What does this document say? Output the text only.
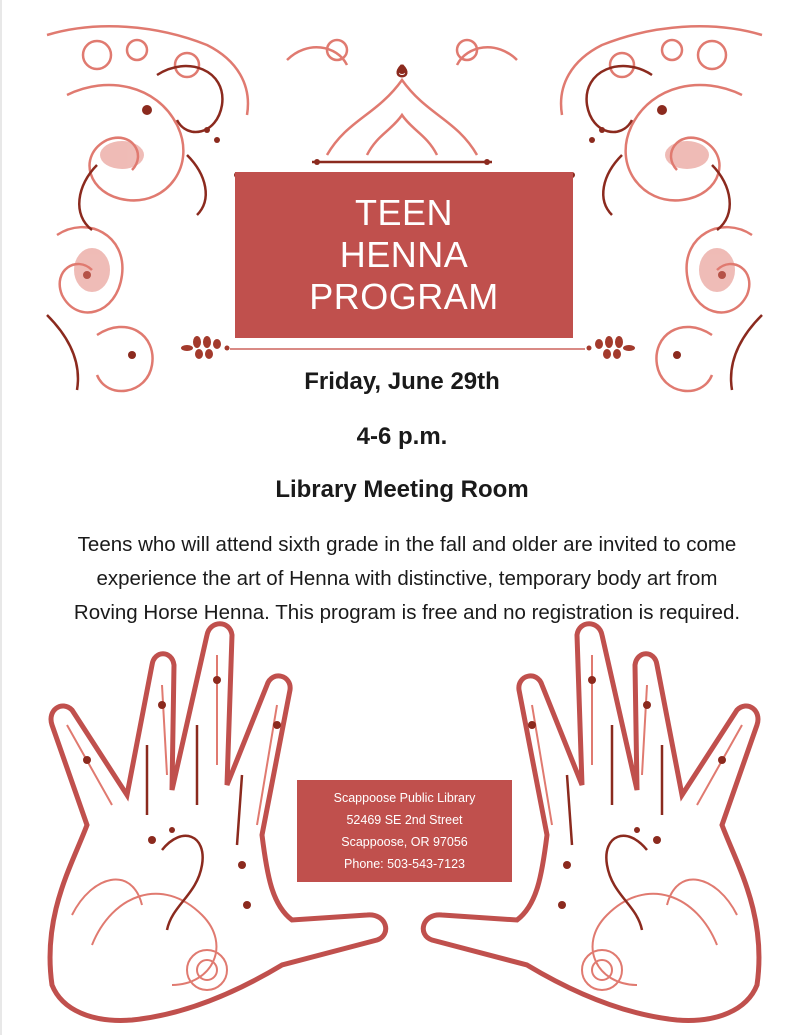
TEEN
HENNA
PROGRAM
Friday, June 29th
4-6 p.m.
Library Meeting Room
Teens who will attend sixth grade in the fall and older are invited to come experience the art of Henna with distinctive, temporary body art from Roving Horse Henna. This program is free and no registration is required.
Scappoose Public Library
52469 SE 2nd Street
Scappoose, OR 97056
Phone: 503-543-7123
